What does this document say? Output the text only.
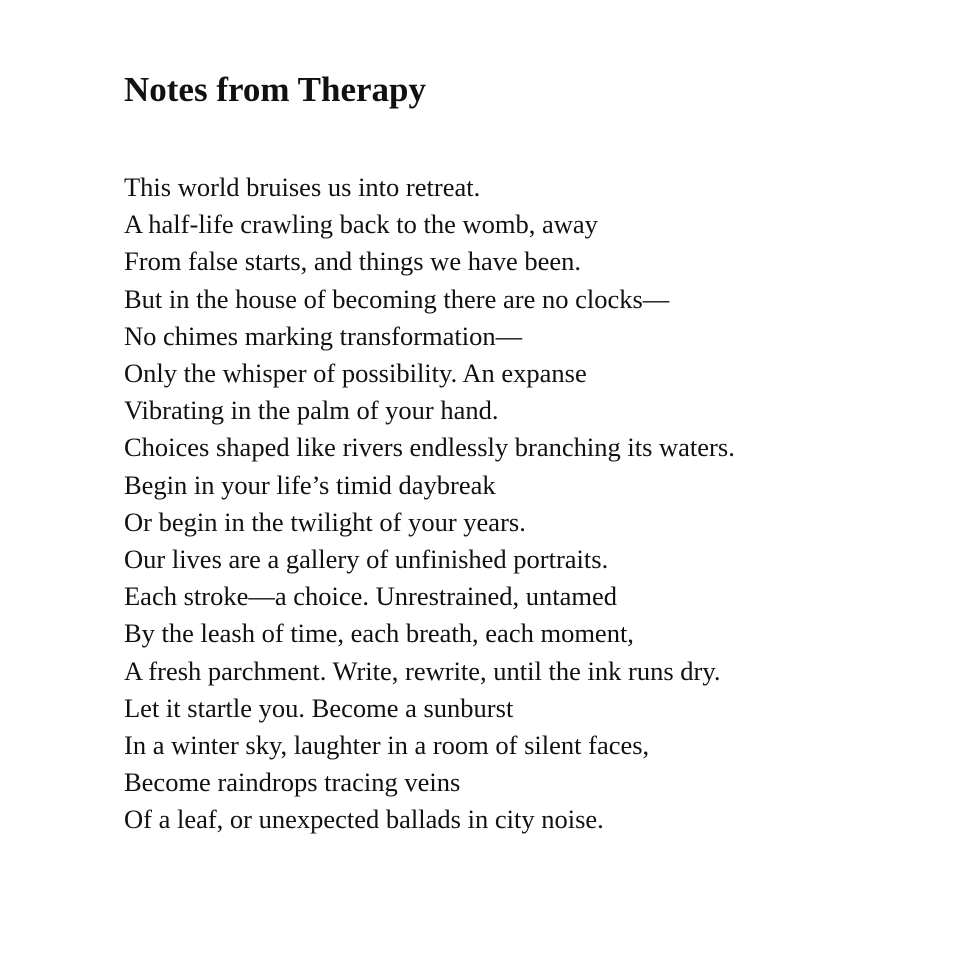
Notes from Therapy
This world bruises us into retreat.
A half-life crawling back to the womb, away
From false starts, and things we have been.
But in the house of becoming there are no clocks—
No chimes marking transformation—
Only the whisper of possibility. An expanse
Vibrating in the palm of your hand.
Choices shaped like rivers endlessly branching its waters.
Begin in your life’s timid daybreak
Or begin in the twilight of your years.
Our lives are a gallery of unfinished portraits.
Each stroke—a choice. Unrestrained, untamed
By the leash of time, each breath, each moment,
A fresh parchment. Write, rewrite, until the ink runs dry.
Let it startle you. Become a sunburst
In a winter sky, laughter in a room of silent faces,
Become raindrops tracing veins
Of a leaf, or unexpected ballads in city noise.
